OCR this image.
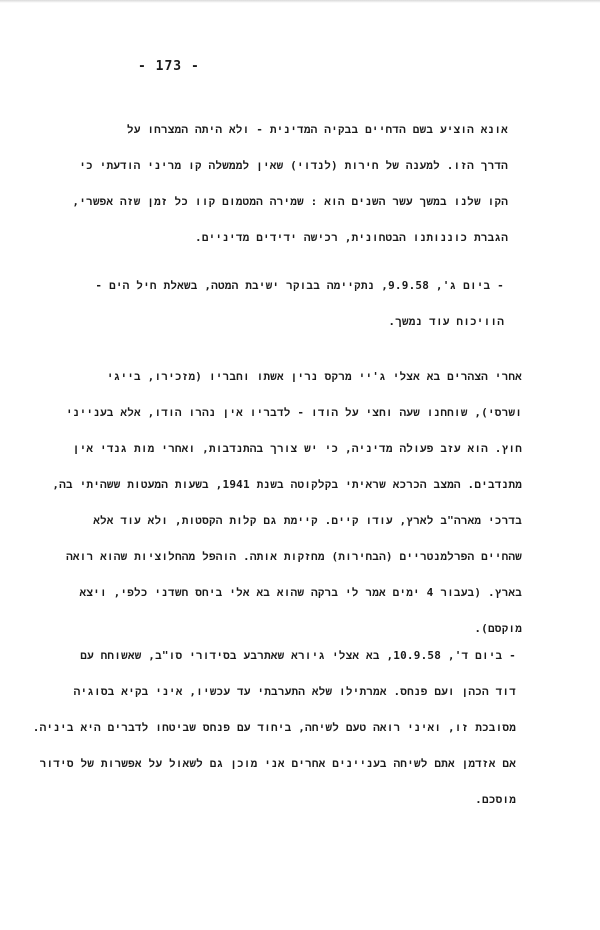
- 173 -
אונא הוציע בשם הדחיים בבקיה המדינית - ולא היתה המצרחו על
הדרך הזו. למענה של חירות (לנדוי) שאין לממשלה קו מריני הודעתי כי
הקו שלנו במשך עשר השנים הוא : שמירה המטמום קוו כל זמן שזה אפשרי,
הגברת כוננותנו הבטחונית, רכישה ידידים מדיניים.
- ביום ג', 9.9.58, נתקיימה בבוקר ישיבת המטה, בשאלת חיל הים -
הוויכוח עוד נמשך.
אחרי הצהרים בא אצלי ג'יי מרקס נרין אשתו וחבריו (מזכירו, בייגי
ושרסי), שוחחנו שעה וחצי על הודו - לדבריו אין נהרו הודו, אלא בענייני
חוץ. הוא עזב פעולה מדיניה, כי יש צורך בהתנדבות, ואחרי מות גנדי אין
מתנדבים. המצב הכרכא שראיתי בקלקוטה בשנת 1941, בשעות המעטות ששהיתי בה,
בדרכי מארה"ב לארץ, עודו קיים. קיימת גם קלות הקסטות, ולא עוד אלא
שהחיים הפרלמנטריים (הבחירות) מחזקות אותה. הוהפל מהחלוציות שהוא רואה
בארץ. (בעבור 4 ימים אמר לי ברקה שהוא בא אלי ביחס חשדני כלפי, ויצא
מוקסם).
- ביום ד', 10.9.58, בא אצלי גיורא שאתרבע בסידורי סו"ב, שאשוחח עם
דוד הכהן ועם פנחס. אמרתילו שלא התערבתי עד עכשיו, איני בקיא בסוגיה
מסובכת זו, ואיני רואה טעם לשיחה, ביחוד עם פנחס שביטחו לדברים היא ביניה.
אם אזדמן אתם לשיחה בעניינים אחרים אני מוכן גם לשאול על אפשרות של סידור
מוסכם.
